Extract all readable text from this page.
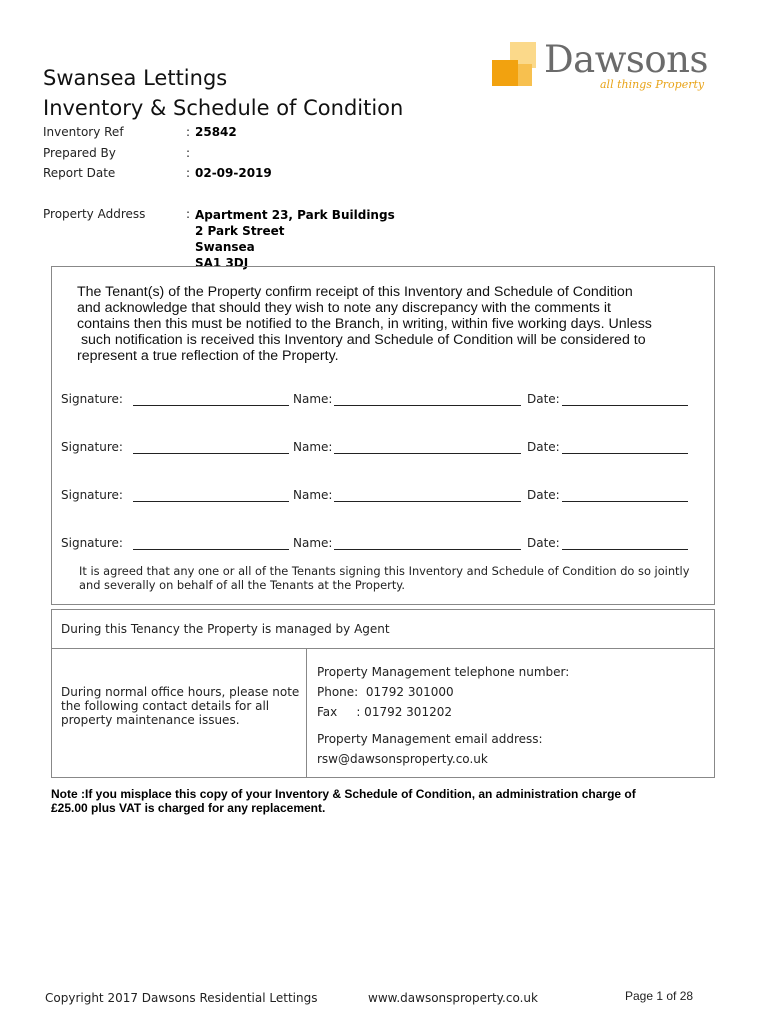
Swansea Lettings
Inventory & Schedule of Condition
Dawsons
all things Property
Inventory Ref	: 25842
Prepared By	:
Report Date	: 02-09-2019
Property Address	: Apartment 23, Park Buildings
2 Park Street
Swansea
SA1 3DJ
The Tenant(s) of the Property confirm receipt of this Inventory and Schedule of Condition
and acknowledge that should they wish to note any discrepancy with the comments it
contains then this must be notified to the Branch, in writing, within five working days. Unless
such notification is received this Inventory and Schedule of Condition will be considered to
represent a true reflection of the Property.
Signature:	Name:	Date:
Signature:	Name:	Date:
Signature:	Name:	Date:
Signature:	Name:	Date:
It is agreed that any one or all of the Tenants signing this Inventory and Schedule of Condition do so jointly
and severally on behalf of all the Tenants at the Property.
During this Tenancy the Property is managed by Agent
During normal office hours, please note
the following contact details for all
property maintenance issues.
Property Management telephone number:
Phone:  01792 301000
Fax     : 01792 301202
Property Management email address:
rsw@dawsonsproperty.co.uk
Note :If you misplace this copy of your Inventory & Schedule of Condition, an administration charge of
£25.00 plus VAT is charged for any replacement.
Copyright 2017 Dawsons Residential Lettings	www.dawsonsproperty.co.uk	Page 1 of 28
